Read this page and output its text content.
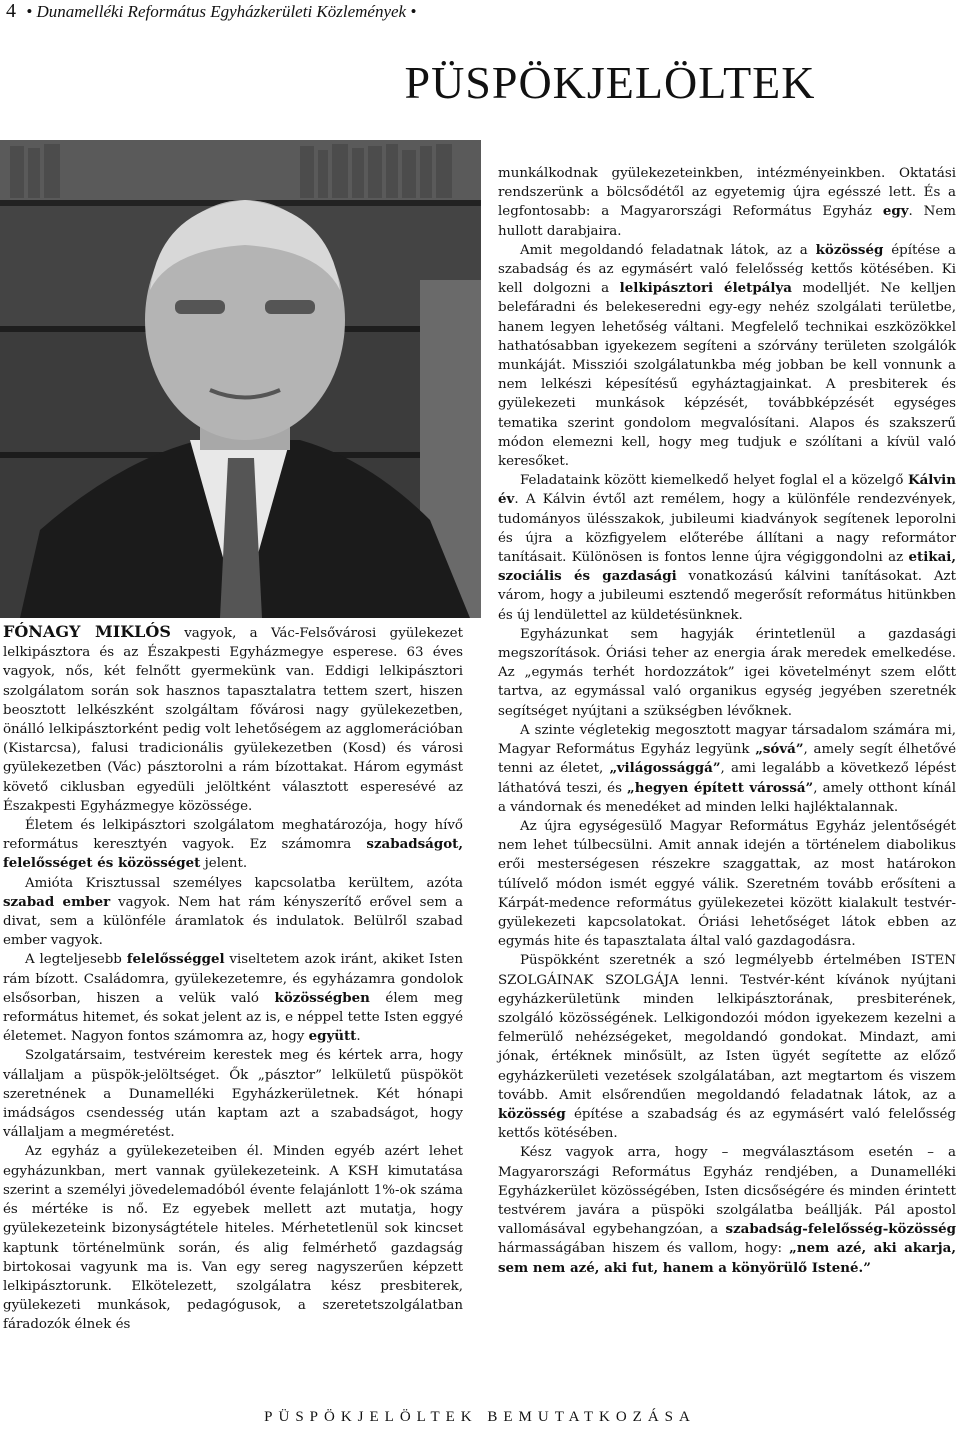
4 • Dunamelléki Református Egyházkerületi Közlemények •
PÜSPÖKJELÖLTEK

FÓNAGY MIKLÓS vagyok, a Vác-Felsővárosi gyülekezet lelkipásztora és az Északpesti Egyházmegye esperese. 63 éves vagyok, nős, két felnőtt gyermekünk van. Eddigi lelkipásztori szolgálatom során sok hasznos tapasztalatra tettem szert, hiszen beosztott lelkészként szolgáltam fővárosi nagy gyülekezetben, önálló lelkipásztorként pedig volt lehetőségem az agglomerációban (Kistarcsa), falusi tradicionális gyülekezetben (Kosd) és városi gyülekezetben (Vác) pásztorolni a rám bízottakat. Három egymást követő ciklusban egyedüli jelöltként választott esperesévé az Északpesti Egyházmegye közössége.

Életem és lelkipásztori szolgálatom meghatározója, hogy hívő református keresztyén vagyok. Ez számomra szabadságot, felelősséget és közösséget jelent.

Amióta Krisztussal személyes kapcsolatba kerültem, azóta szabad ember vagyok. Nem hat rám kényszerítő erővel sem a divat, sem a különféle áramlatok és indulatok. Belülről szabad ember vagyok.

A legteljesebb felelősséggel viseltetem azok iránt, akiket Isten rám bízott. Családomra, gyülekezetemre, és egyházamra gondolok elsősorban, hiszen a velük való közösségben élem meg református hitemet, és sokat jelent az is, e néppel tette Isten eggyé életemet. Nagyon fontos számomra az, hogy együtt.

Szolgatársaim, testvéreim kerestek meg és kértek arra, hogy vállaljam a püspök-jelöltséget. Ők „pásztor” lelkületű püspököt szeretnének a Dunamelléki Egyházkerületnek. Két hónapi imádságos csendesség után kaptam azt a szabadságot, hogy vállaljam a megméretést.

Az egyház a gyülekezeteiben él. Minden egyéb azért lehet egyházunkban, mert vannak gyülekezeteink. A KSH kimutatása szerint a személyi jövedelemadóból évente felajánlott 1%-ok száma és mértéke is nő. Ez egyebek mellett azt mutatja, hogy gyülekezeteink bizonyságtétele hiteles. Mérhetetlenül sok kincset kaptunk történelmünk során, és alig felmérhető gazdagság birtokosai vagyunk ma is. Van egy sereg nagyszerűen képzett lelkipásztorunk. Elkötelezett, szolgálatra kész presbiterek, gyülekezeti munkások, pedagógusok, a szeretetszolgálatban fáradozók élnek és

munkálkodnak gyülekezeteinkben, intézményeinkben. Oktatási rendszerünk a bölcsődétől az egyetemig újra egésszé lett. És a legfontosabb: a Magyarországi Református Egyház egy. Nem hullott darabjaira.

Amit megoldandó feladatnak látok, az a közösség építése a szabadság és az egymásért való felelősség kettős kötésében. Ki kell dolgozni a lelkipásztori életpálya modelljét. Ne kelljen belefáradni és belekeseredni egy-egy nehéz szolgálati területbe, hanem legyen lehetőség váltani. Megfelelő technikai eszközökkel hathatósabban igyekezem segíteni a szórvány területen szolgálók munkáját. Missziói szolgálatunkba még jobban be kell vonnunk a nem lelkészi képesítésű egyháztagjainkat. A presbiterek és gyülekezeti munkások képzését, továbbképzését egységes tematika szerint gondolom megvalósítani. Alapos és szakszerű módon elemezni kell, hogy meg tudjuk e szólítani a kívül való keresőket.

Feladataink között kiemelkedő helyet foglal el a közelgő Kálvin év. A Kálvin évtől azt remélem, hogy a különféle rendezvények, tudományos ülésszakok, jubileumi kiadványok segítenek leporolni és újra a közfigyelem előterébe állítani a nagy reformátor tanításait. Különösen is fontos lenne újra végiggondolni az etikai, szociális és gazdasági vonatkozású kálvini tanításokat. Azt várom, hogy a jubileumi esztendő megerősít református hitünkben és új lendülettel az küldetésünknek.

Egyházunkat sem hagyják érintetlenül a gazdasági megszorítások. Óriási teher az energia árak meredek emelkedése. Az „egymás terhét hordozzátok” igei követelményt szem előtt tartva, az egymással való organikus egység jegyében szeretnék segítséget nyújtani a szükségben lévőknek.

A szinte végletekig megosztott magyar társadalom számára mi, Magyar Református Egyház legyünk „sóvá”, amely segít élhetővé tenni az életet, „világossággá”, ami legalább a következő lépést láthatóvá teszi, és „hegyen épített várossá”, amely otthont kínál a vándornak és menedéket ad minden lelki hajléktalannak.

Az újra egységesülő Magyar Református Egyház jelentőségét nem lehet túlbecsülni. Amit annak idején a történelem diabolikus erői mesterségesen részekre szaggattak, az most határokon túlívelő módon ismét eggyé válik. Szeretném tovább erősíteni a Kárpát-medence református gyülekezetei között kialakult testvér-gyülekezeti kapcsolatokat. Óriási lehetőséget látok ebben az egymás hite és tapasztalata által való gazdagodásra.

Püspökként szeretnék a szó legmélyebb értelmében ISTEN SZOLGÁINAK SZOLGÁJA lenni. Testvér-ként kívánok nyújtani egyházkerületünk minden lelkipásztorának, presbiterének, szolgáló közösségének. Lelkigondozói módon igyekezem kezelni a felmerülő nehézségeket, megoldandó gondokat. Mindazt, ami jónak, értéknek minősült, az Isten ügyét segítette az előző egyházkerületi vezetések szolgálatában, azt megtartom és viszem tovább. Amit elsőrendűen megoldandó feladatnak látok, az a közösség építése a szabadság és az egymásért való felelősség kettős kötésében.

Kész vagyok arra, hogy – megválasztásom esetén – a Magyarországi Református Egyház rendjében, a Dunamelléki Egyházkerület közösségében, Isten dicsőségére és minden érintett testvérem javára a püspöki szolgálatba beállják. Pál apostol vallomásával egybehangzóan, a szabadság-felelősség-közösség hármasságában hiszem és vallom, hogy: „nem azé, aki akarja, sem nem azé, aki fut, hanem a könyörülő Istené.”

PÜSPÖKJELÖLTEK BEMUTATKOZÁSA
